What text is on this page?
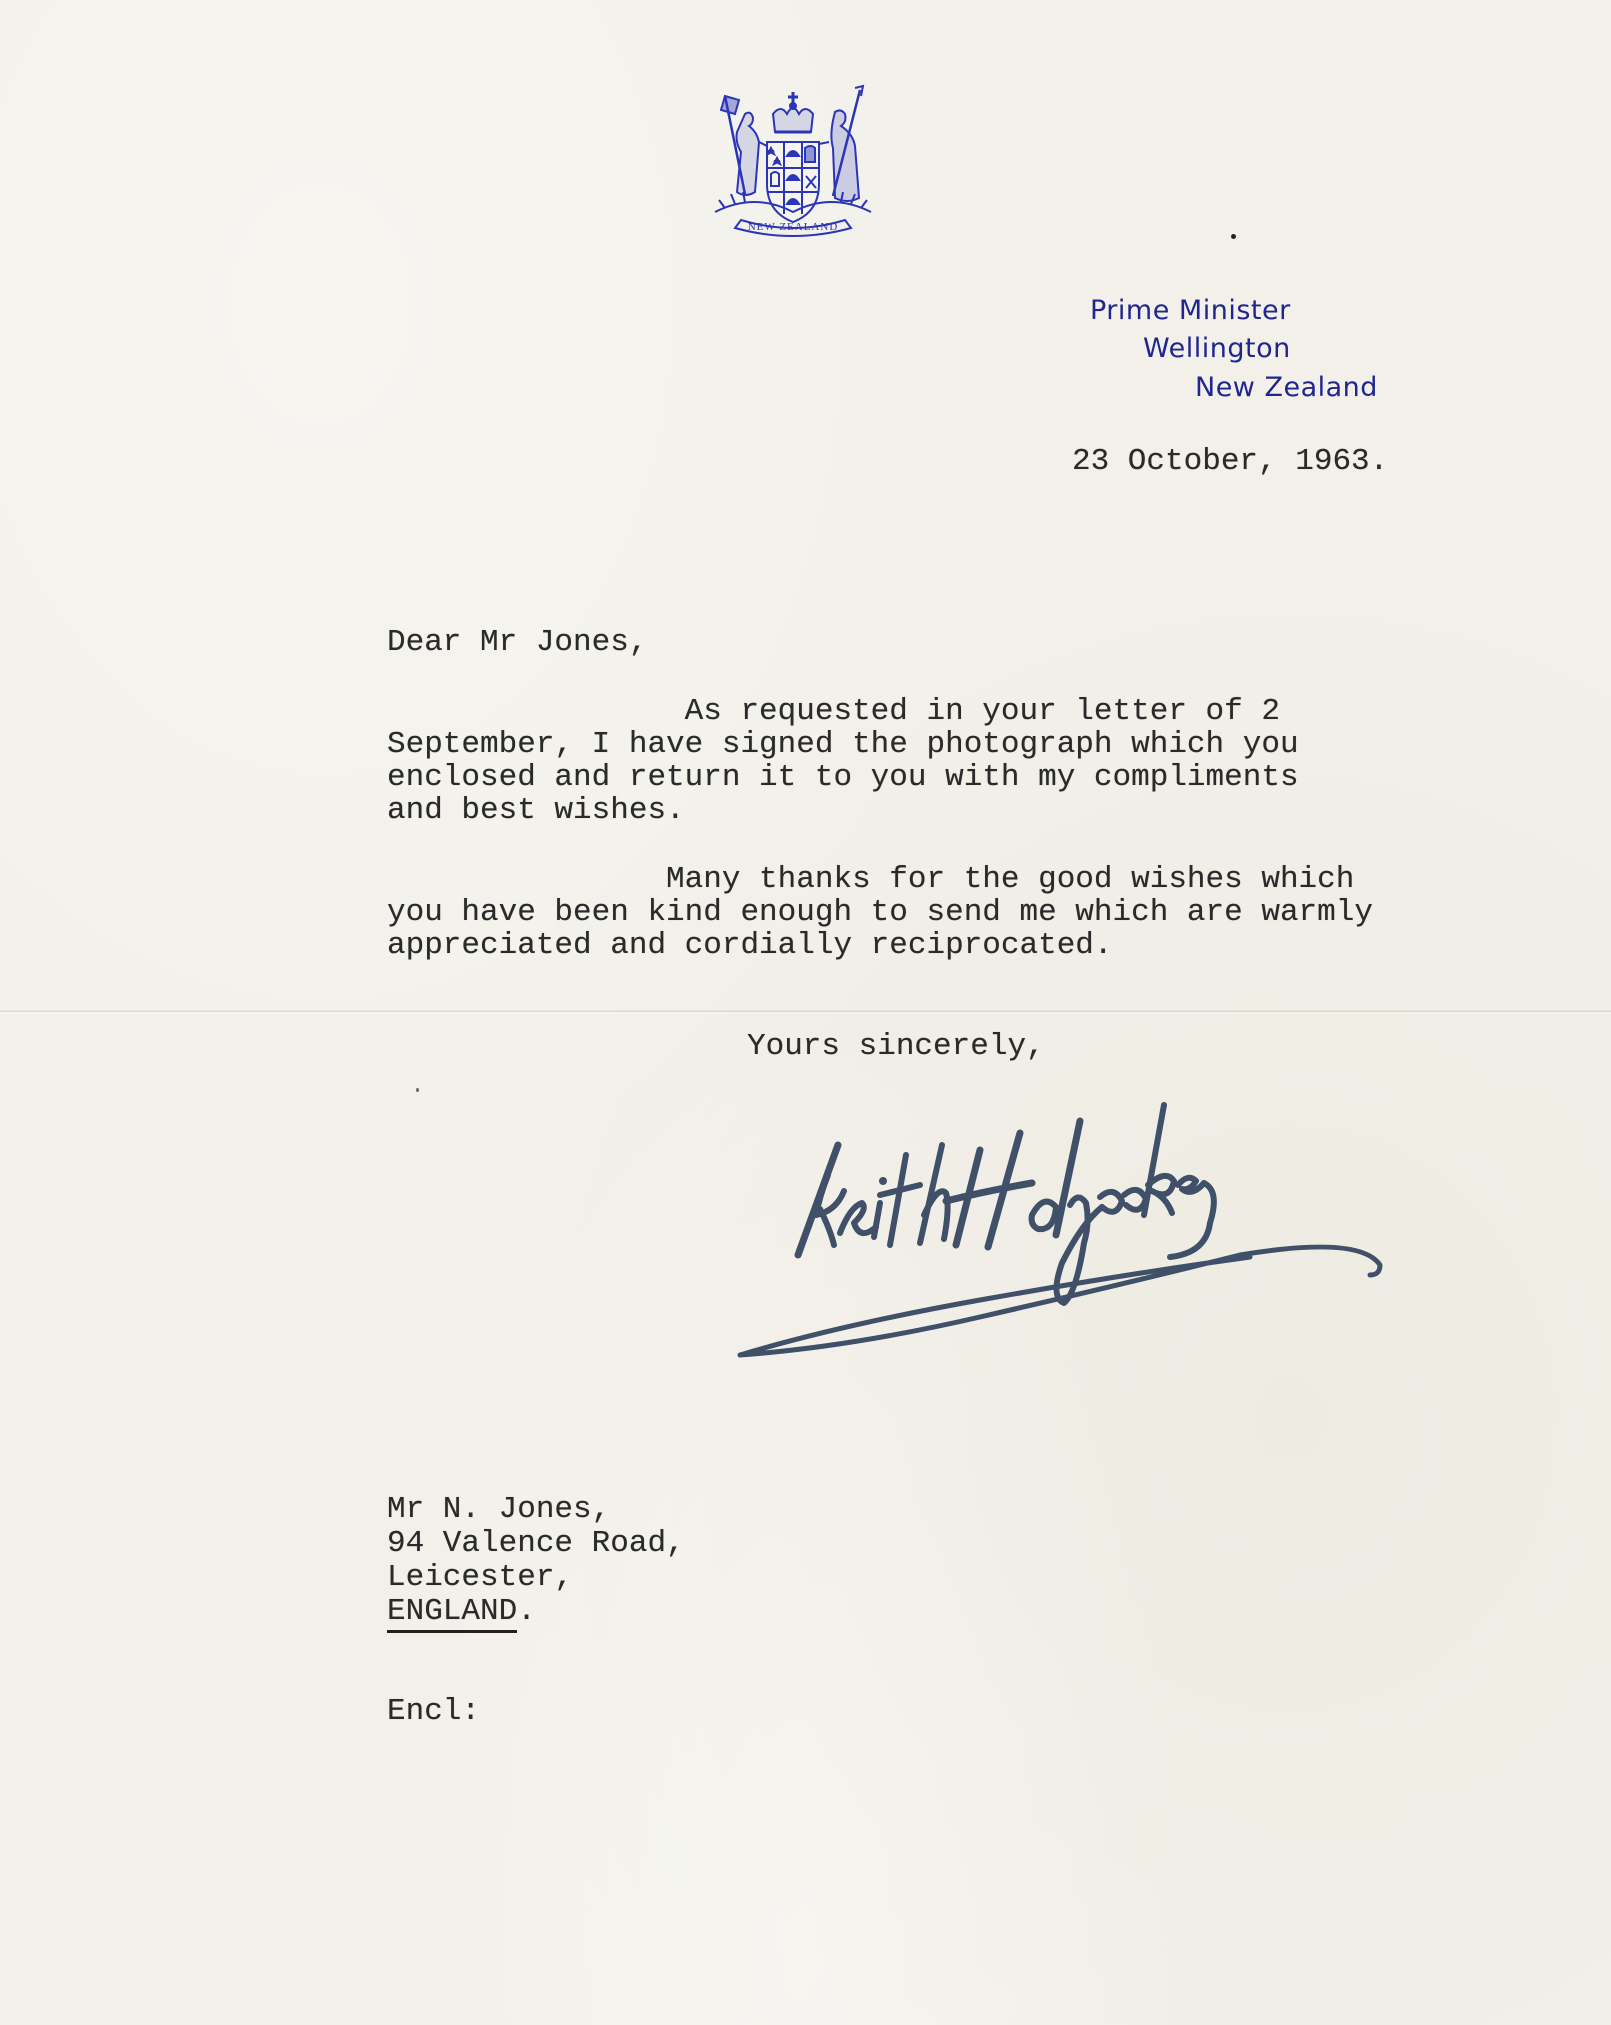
NEW ZEALAND
Prime Minister
Wellington
New Zealand
23 October, 1963.
Dear Mr Jones,
As requested in your letter of 2
September, I have signed the photograph which you
enclosed and return it to you with my compliments
and best wishes.
Many thanks for the good wishes which
you have been kind enough to send me which are warmly
appreciated and cordially reciprocated.
Yours sincerely,
Mr N. Jones,
94 Valence Road,
Leicester,
ENGLAND.
Encl:
